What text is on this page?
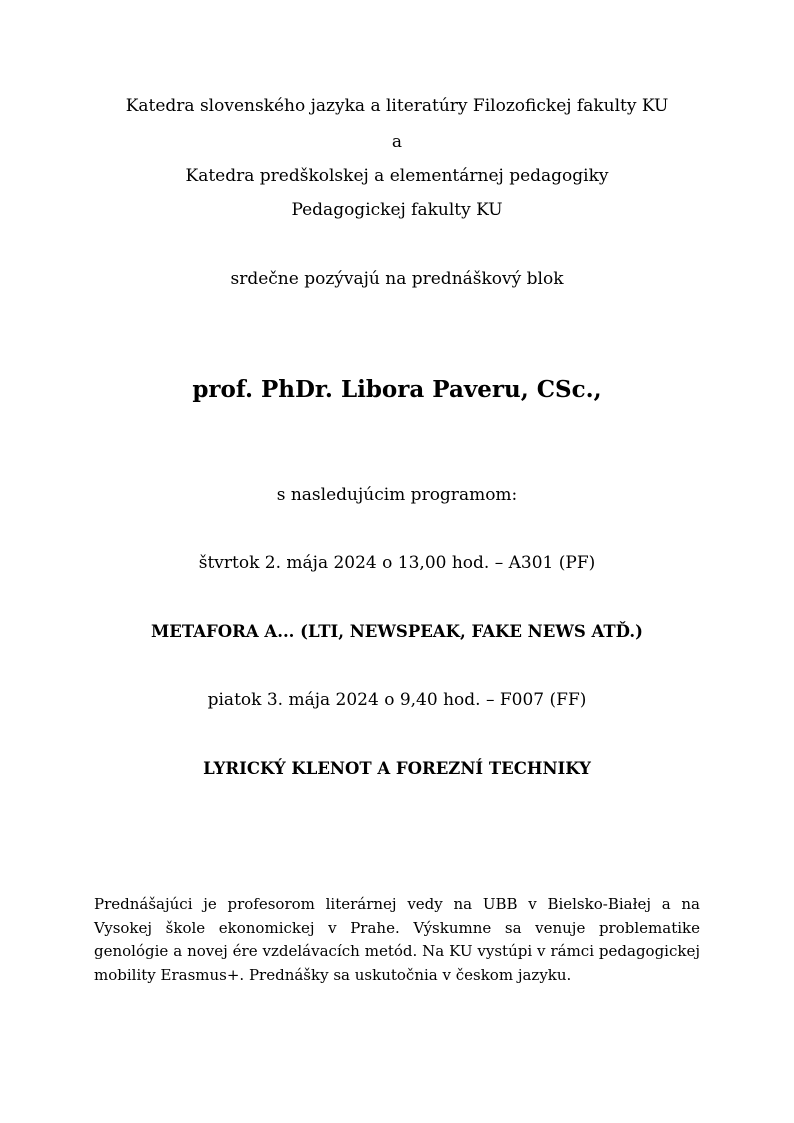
Katedra slovenského jazyka a literatúry Filozofickej fakulty KU
a
Katedra predškolskej a elementárnej pedagogiky
Pedagogickej fakulty KU
srdečne pozývajú na prednáškový blok
prof. PhDr. Libora Paveru, CSc.,
s nasledujúcim programom:
štvrtok 2. mája 2024 o 13,00 hod. – A301 (PF)
METAFORA A... (LTI, NEWSPEAK, FAKE NEWS ATĎ.)
piatok 3. mája 2024 o 9,40 hod. – F007 (FF)
LYRICKÝ KLENOT A FOREZNÍ TECHNIKY
Prednášajúci je profesorom literárnej vedy na UBB v Bielsko-Białej a na Vysokej škole ekonomickej v Prahe. Výskumne sa venuje problematike genológie a novej ére vzdelávacích metód. Na KU vystúpi v rámci pedagogickej mobility Erasmus+. Prednášky sa uskutočnia v českom jazyku.
